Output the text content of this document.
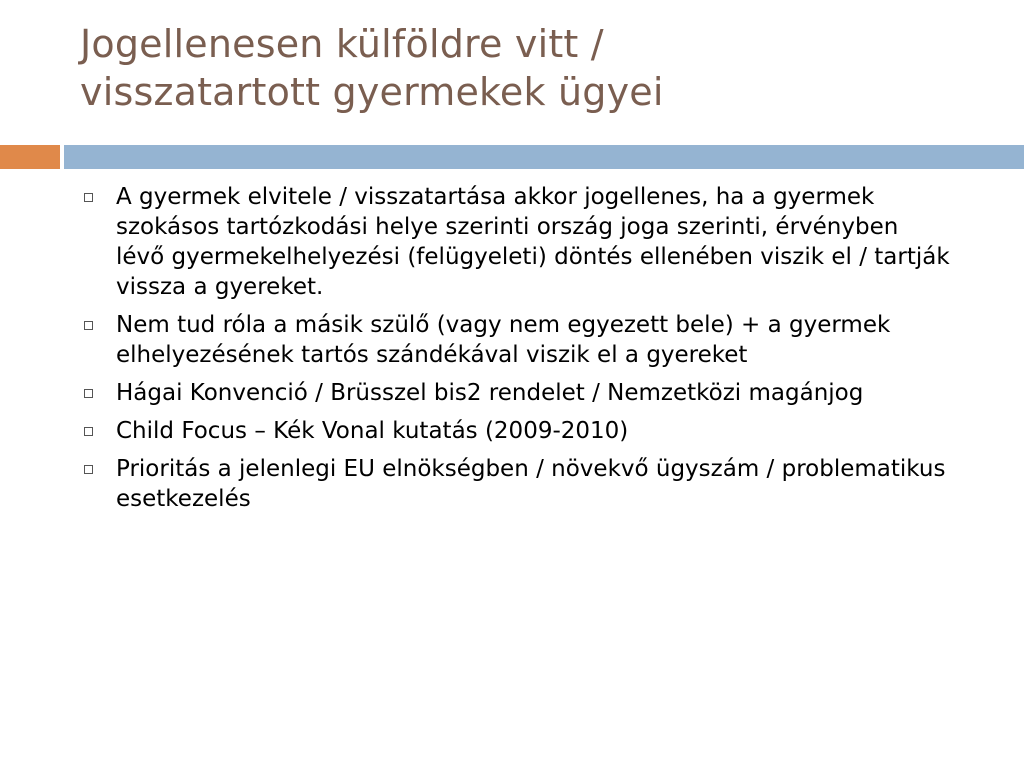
Jogellenesen külföldre vitt /
visszatartott gyermekek ügyei
A gyermek elvitele / visszatartása akkor jogellenes, ha a gyermek szokásos tartózkodási helye szerinti ország joga szerinti, érvényben lévő gyermekelhelyezési (felügyeleti) döntés ellenében viszik el / tartják vissza a gyereket.
Nem tud róla a másik szülő (vagy nem egyezett bele) + a gyermek elhelyezésének tartós szándékával viszik el a gyereket
Hágai Konvenció / Brüsszel bis2 rendelet / Nemzetközi magánjog
Child Focus – Kék Vonal kutatás (2009-2010)
Prioritás a jelenlegi EU elnökségben / növekvő ügyszám / problematikus esetkezelés
